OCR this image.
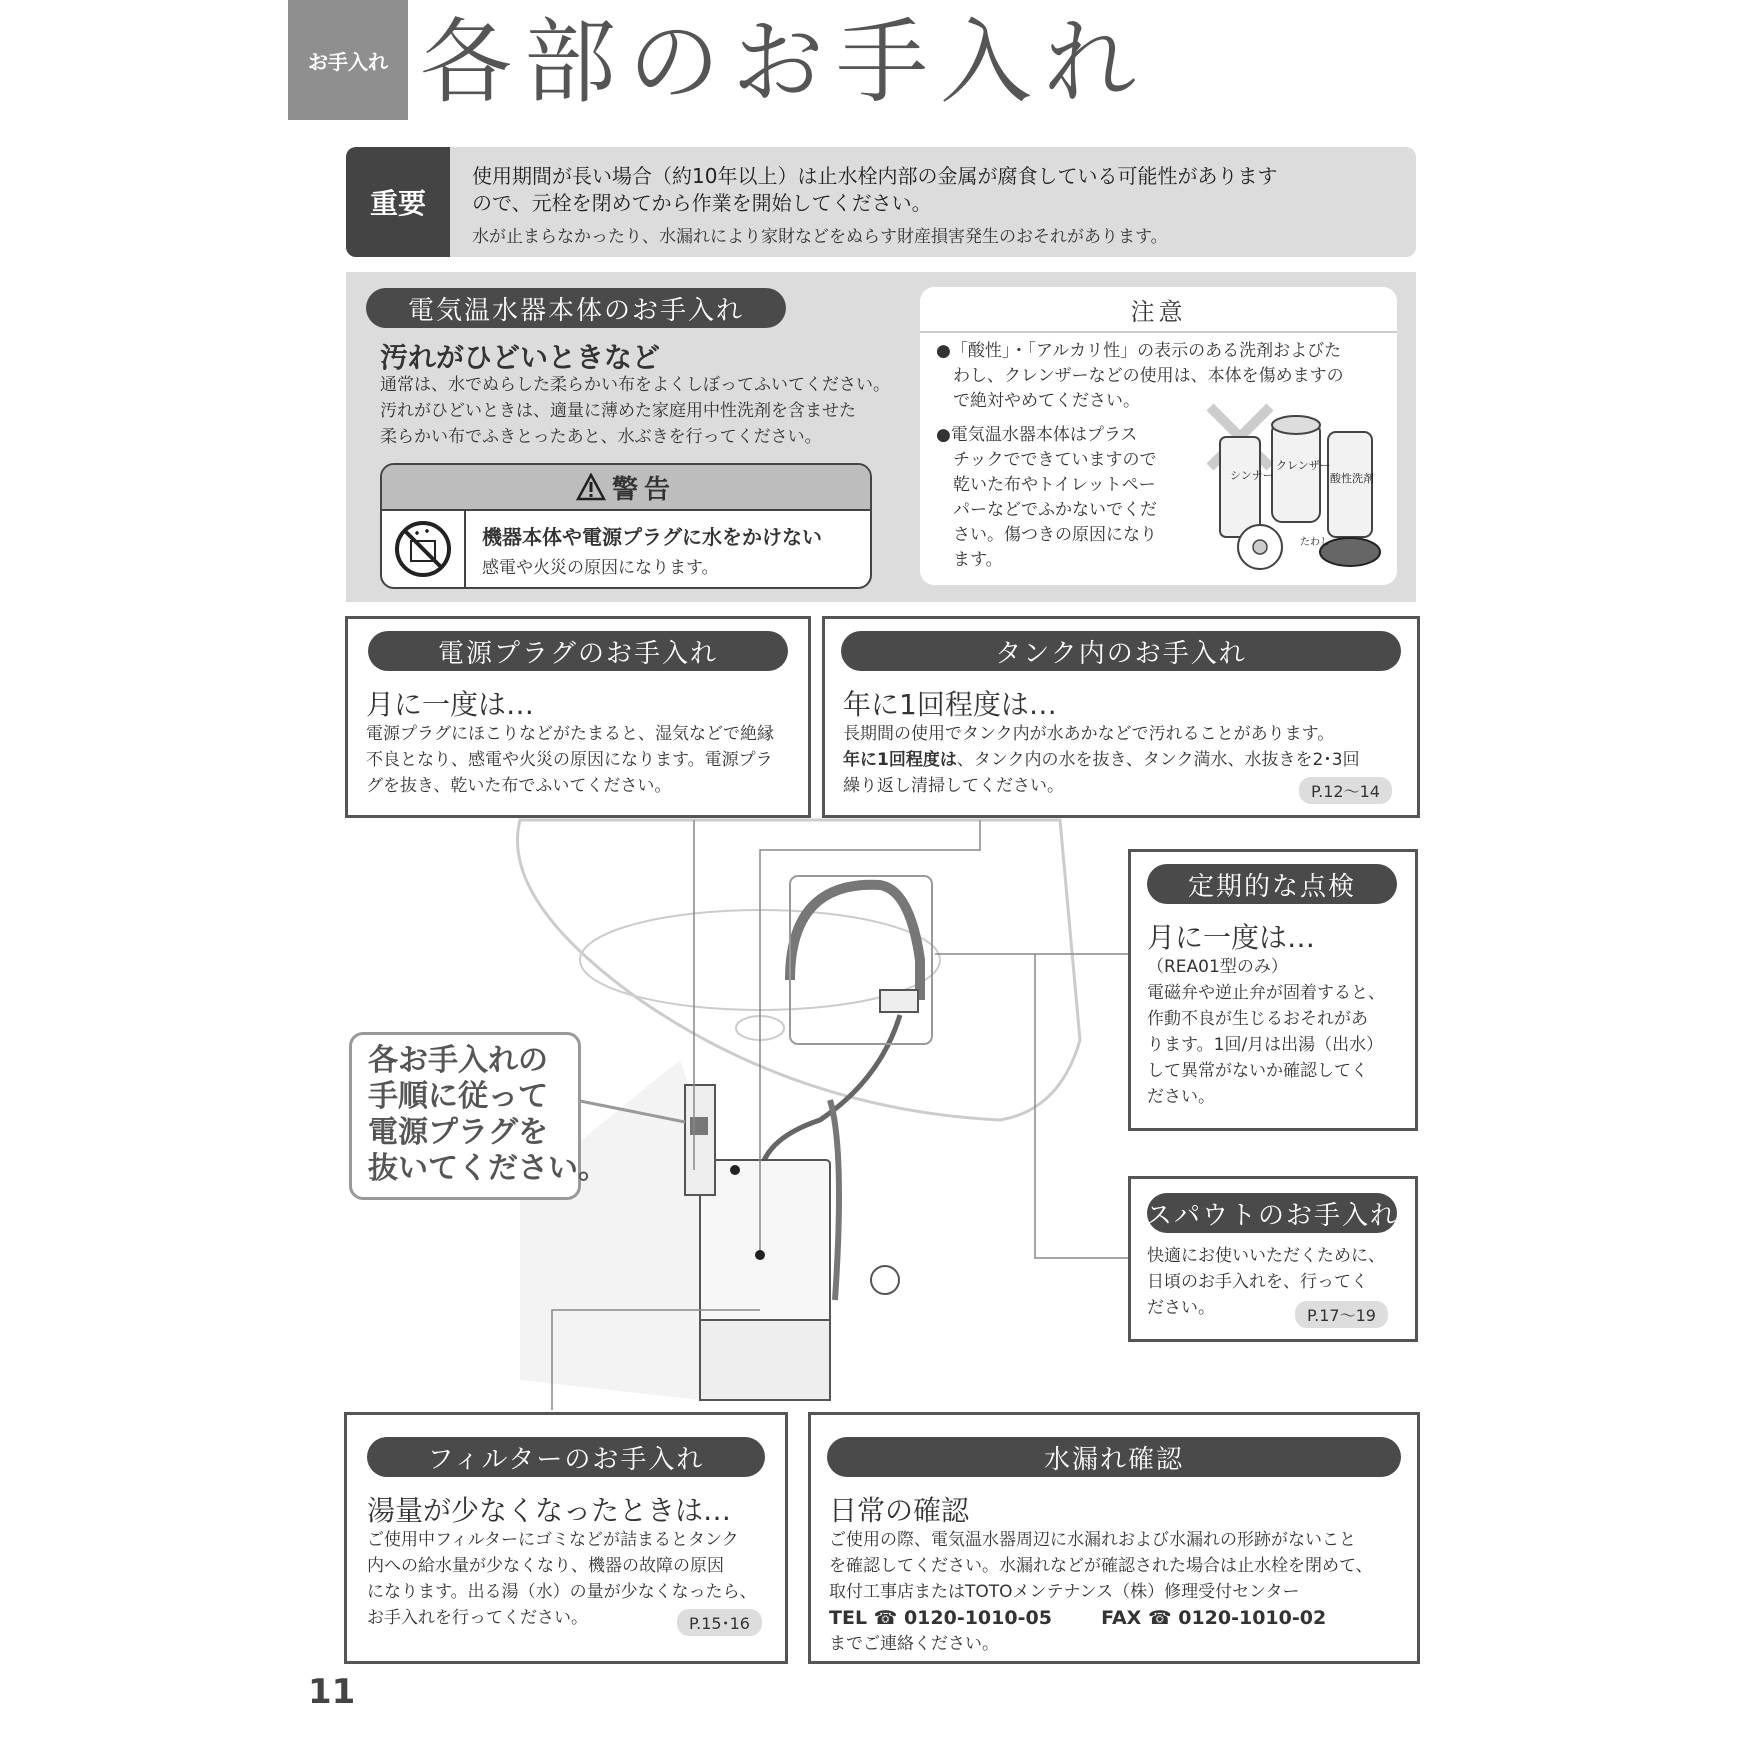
お手入れ 各部のお手入れ
重要
使用期間が長い場合（約10年以上）は止水栓内部の金属が腐食している可能性があります
ので、元栓を閉めてから作業を開始してください。
水が止まらなかったり、水漏れにより家財などをぬらす財産損害発生のおそれがあります。
電気温水器本体のお手入れ
汚れがひどいときなど
通常は、水でぬらした柔らかい布をよくしぼってふいてください。
汚れがひどいときは、適量に薄めた家庭用中性洗剤を含ませた
柔らかい布でふきとったあと、水ぶきを行ってください。
警告
機器本体や電源プラグに水をかけない
感電や火災の原因になります。
注意
●「酸性」・「アルカリ性」の表示のある洗剤およびた
　わし、クレンザーなどの使用は、本体を傷めますの
　で絶対やめてください。
●電気温水器本体はプラス
　チックでできていますので
　乾いた布やトイレットペー
　パーなどでふかないでくだ
　さい。傷つきの原因になり
　ます。
シンナー
クレンザー
酸性洗剤
たわし
電源プラグのお手入れ
月に一度は…
電源プラグにほこりなどがたまると、湿気などで絶縁
不良となり、感電や火災の原因になります。電源プラ
グを抜き、乾いた布でふいてください。
タンク内のお手入れ
年に1回程度は…
長期間の使用でタンク内が水あかなどで汚れることがあります。
年に1回程度は、タンク内の水を抜き、タンク満水、水抜きを2･3回
繰り返し清掃してください。	P.12～14
定期的な点検
月に一度は…
（REA01型のみ）
電磁弁や逆止弁が固着すると、
作動不良が生じるおそれがあ
ります。1回/月は出湯（出水）
して異常がないか確認してく
ださい。
各お手入れの
手順に従って
電源プラグを
抜いてください。
スパウトのお手入れ
快適にお使いいただくために、
日頃のお手入れを、行ってく
ださい。	P.17～19
フィルターのお手入れ
湯量が少なくなったときは…
ご使用中フィルターにゴミなどが詰まるとタンク
内への給水量が少なくなり、機器の故障の原因
になります。出る湯（水）の量が少なくなったら、
お手入れを行ってください。	P.15･16
水漏れ確認
日常の確認
ご使用の際、電気温水器周辺に水漏れおよび水漏れの形跡がないこと
を確認してください。水漏れなどが確認された場合は止水栓を閉めて、
取付工事店またはTOTOメンテナンス（株）修理受付センター
TEL ☎ 0120-1010-05	FAX ☎ 0120-1010-02
までご連絡ください。
11
